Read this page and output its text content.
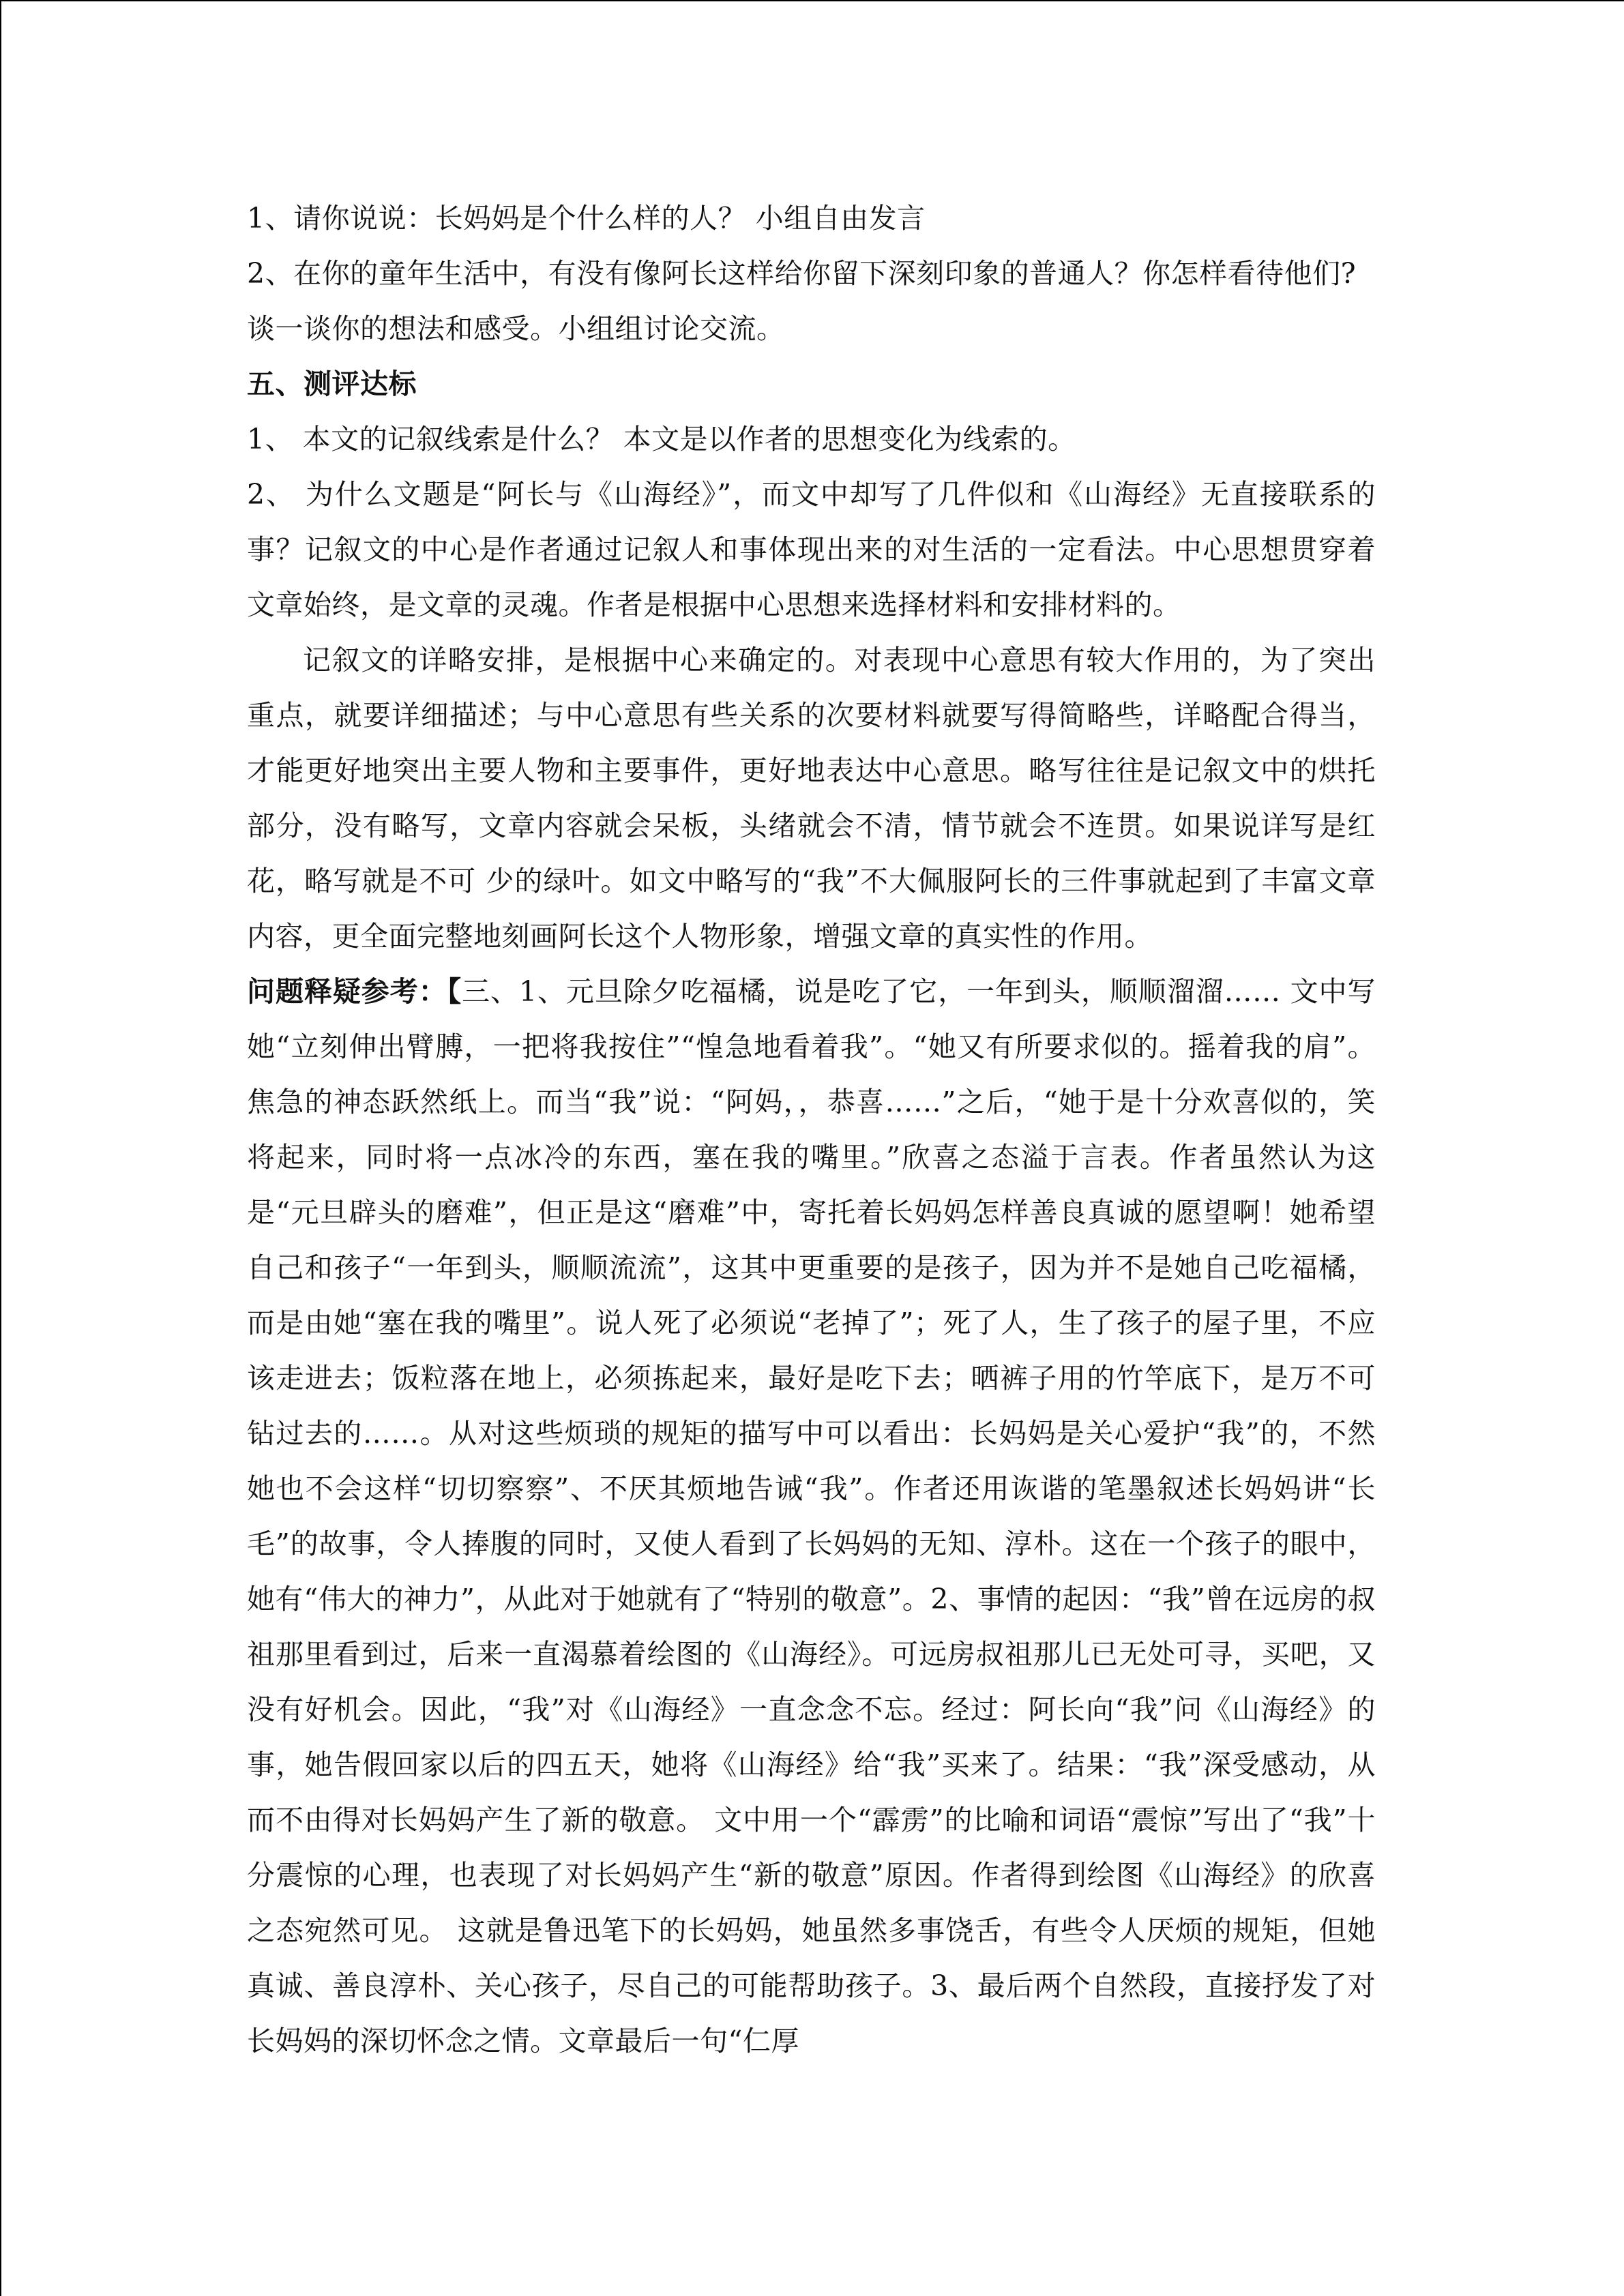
1、请你说说：长妈妈是个什么样的人？ 小组自由发言

2、在你的童年生活中，有没有像阿长这样给你留下深刻印象的普通人？你怎样看待他们?

谈一谈你的想法和感受。小组组讨论交流。

五、测评达标

1、 本文的记叙线索是什么？ 本文是以作者的思想变化为线索的。

2、 为什么文题是“阿长与《山海经》”，而文中却写了几件似和《山海经》无直接联系的事？记叙文的中心是作者通过记叙人和事体现出来的对生活的一定看法。中心思想贯穿着文章始终，是文章的灵魂。作者是根据中心思想来选择材料和安排材料的。

记叙文的详略安排，是根据中心来确定的。对表现中心意思有较大作用的，为了突出重点，就要详细描述；与中心意思有些关系的次要材料就要写得简略些，详略配合得当，才能更好地突出主要人物和主要事件，更好地表达中心意思。略写往往是记叙文中的烘托部分，没有略写，文章内容就会呆板，头绪就会不清，情节就会不连贯。如果说详写是红花，略写就是不可 少的绿叶。如文中略写的“我”不大佩服阿长的三件事就起到了丰富文章内容，更全面完整地刻画阿长这个人物形象，增强文章的真实性的作用。

问题释疑参考：【三、1、元旦除夕吃福橘，说是吃了它，一年到头，顺顺溜溜…… 文中写她“立刻伸出臂膊，一把将我按住”“惶急地看着我”。“她又有所要求似的。摇着我的肩”。焦急的神态跃然纸上。而当“我”说：“阿妈，，恭喜……”之后，“她于是十分欢喜似的，笑将起来，同时将一点冰冷的东西，塞在我的嘴里。”欣喜之态溢于言表。作者虽然认为这是“元旦辟头的磨难”，但正是这“磨难”中，寄托着长妈妈怎样善良真诚的愿望啊！她希望自己和孩子“一年到头，顺顺流流”，这其中更重要的是孩子，因为并不是她自己吃福橘，而是由她“塞在我的嘴里”。说人死了必须说“老掉了”；死了人，生了孩子的屋子里，不应该走进去；饭粒落在地上，必须拣起来，最好是吃下去；晒裤子用的竹竿底下，是万不可钻过去的……。从对这些烦琐的规矩的描写中可以看出：长妈妈是关心爱护“我”的，不然她也不会这样“切切察察”、不厌其烦地告诫“我”。作者还用诙谐的笔墨叙述长妈妈讲“长毛”的故事，令人捧腹的同时，又使人看到了长妈妈的无知、淳朴。这在一个孩子的眼中，她有“伟大的神力”，从此对于她就有了“特别的敬意”。2、事情的起因：“我”曾在远房的叔祖那里看到过，后来一直渴慕着绘图的《山海经》。可远房叔祖那儿已无处可寻，买吧，又没有好机会。因此，“我”对《山海经》一直念念不忘。经过：阿长向“我”问《山海经》的事，她告假回家以后的四五天，她将《山海经》给“我”买来了。结果：“我”深受感动，从而不由得对长妈妈产生了新的敬意。 文中用一个“霹雳”的比喻和词语“震惊”写出了“我”十分震惊的心理，也表现了对长妈妈产生“新的敬意”原因。作者得到绘图《山海经》的欣喜之态宛然可见。 这就是鲁迅笔下的长妈妈，她虽然多事饶舌，有些令人厌烦的规矩，但她真诚、善良淳朴、关心孩子，尽自己的可能帮助孩子。3、最后两个自然段，直接抒发了对长妈妈的深切怀念之情。文章最后一句“仁厚
